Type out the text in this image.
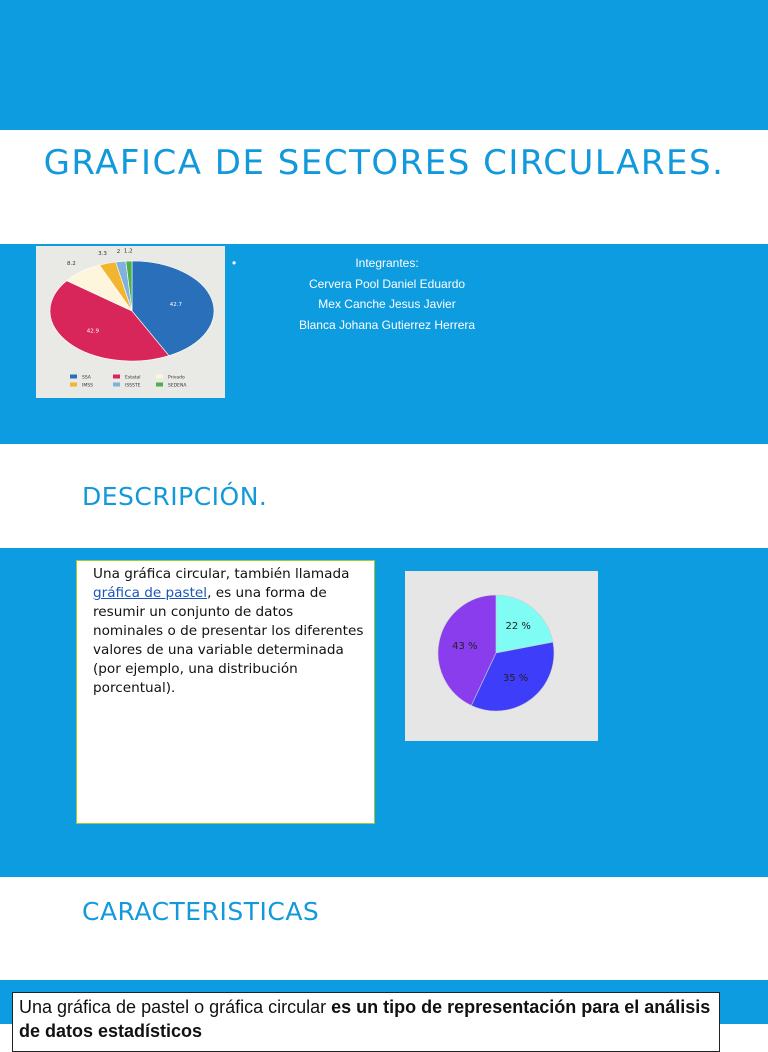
GRAFICA DE SECTORES CIRCULARES.
42.7
42.9
8.2
3.3 2 1.2
SSA	Estatal	Privado
IMSS	ISSSTE	SEDENA
•	Integrantes:
Cervera Pool Daniel Eduardo
Mex Canche Jesus Javier
Blanca Johana Gutierrez Herrera
DESCRIPCIÓN.
Una gráfica circular, también llamada gráfica de pastel, es una forma de resumir un conjunto de datos nominales o de presentar los diferentes valores de una variable determinada (por ejemplo, una distribución porcentual).
22 %
35 %
43 %
CARACTERISTICAS
Una gráfica de pastel o gráfica circular es un tipo de representación para el análisis de datos estadísticos
